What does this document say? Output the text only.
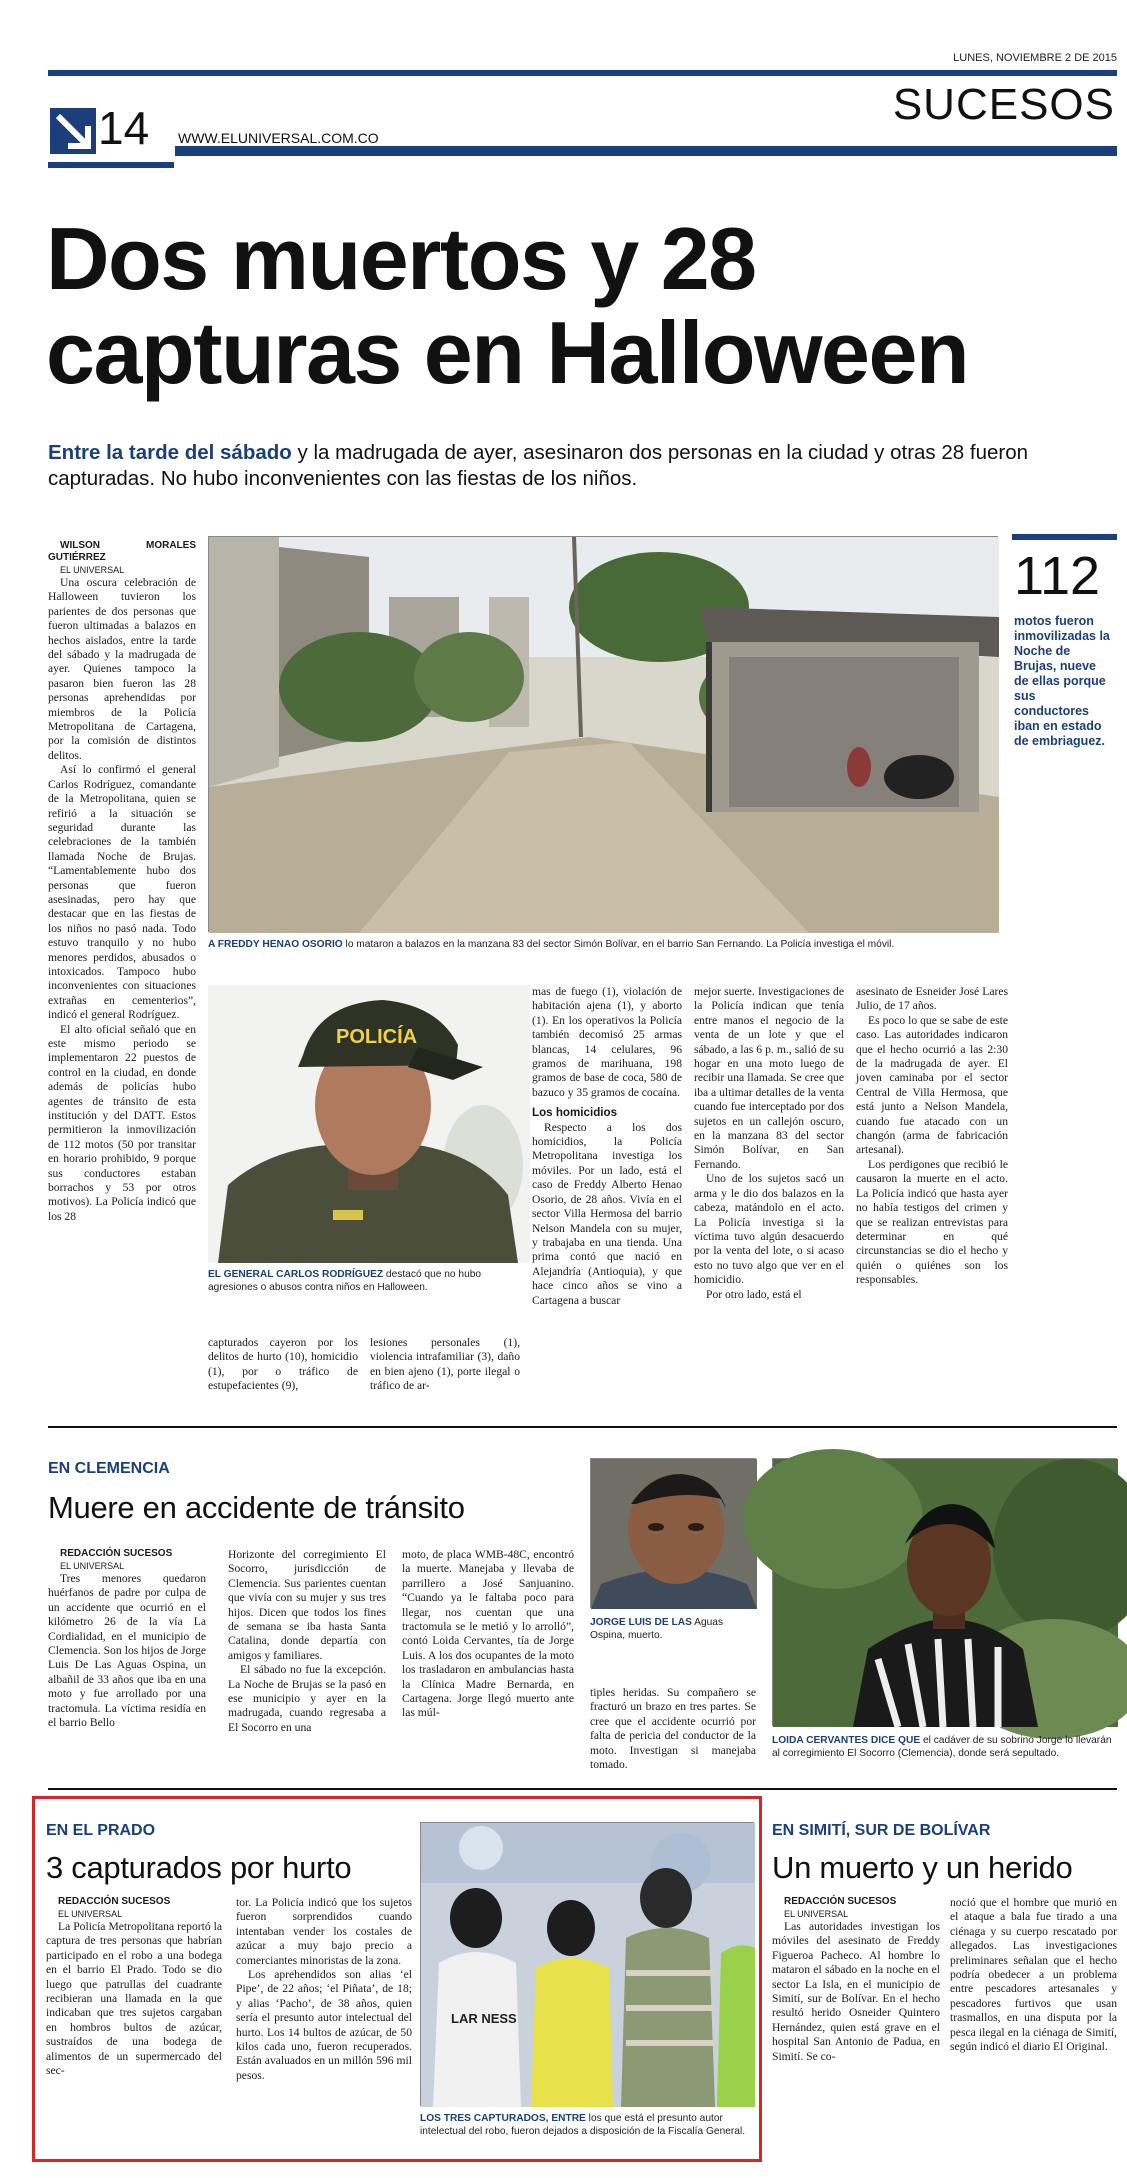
LUNES, NOVIEMBRE 2 DE 2015
14 WWW.ELUNIVERSAL.COM.CO
SUCESOS
Dos muertos y 28
capturas en Halloween
Entre la tarde del sábado y la madrugada de ayer, asesinaron dos personas en la ciudad y otras 28 fueron capturadas. No hubo inconvenientes con las fiestas de los niños.

WILSON MORALES GUTIÉRREZ

EL UNIVERSAL

Una oscura celebración de Halloween tuvieron los parientes de dos personas que fueron ultimadas a balazos en hechos aislados, entre la tarde del sábado y la madrugada de ayer. Quienes tampoco la pasaron bien fueron las 28 personas aprehendidas por miembros de la Policía Metropolitana de Cartagena, por la comisión de distintos delitos.

Así lo confirmó el general Carlos Rodríguez, comandante de la Metropolitana, quien se refirió a la situación se seguridad durante las celebraciones de la también llamada Noche de Brujas. “Lamentablemente hubo dos personas que fueron asesinadas, pero hay que destacar que en las fiestas de los niños no pasó nada. Todo estuvo tranquilo y no hubo menores perdidos, abusados o intoxicados. Tampoco hubo inconvenientes con situaciones extrañas en cementerios”, indicó el general Rodríguez.

El alto oficial señaló que en este mismo periodo se implementaron 22 puestos de control en la ciudad, en donde además de policías hubo agentes de tránsito de esta institución y del DATT. Estos permitieron la inmovilización de 112 motos (50 por transitar en horario prohibido, 9 porque sus conductores estaban borrachos y 53 por otros motivos). La Policía indicó que los 28

A FREDDY HENAO OSORIO lo mataron a balazos en la manzana 83 del sector Simón Bolívar, en el barrio San Fernando. La Policía investiga el móvil.
112
motos fueron inmovilizadas la Noche de Brujas, nueve de ellas porque sus conductores iban en estado de embriaguez.
POLICÍA
EL GENERAL CARLOS RODRÍGUEZ destacó que no hubo agresiones o abusos contra niños en Halloween.

capturados cayeron por los delitos de hurto (10), homicidio (1), por o tráfico de estupefacientes (9),

lesiones personales (1), violencia intrafamiliar (3), daño en bien ajeno (1), porte ilegal o tráfico de ar-

mas de fuego (1), violación de habitación ajena (1), y aborto (1). En los operativos la Policía también decomisó 25 armas blancas, 14 celulares, 96 gramos de marihuana, 198 gramos de base de coca, 580 de bazuco y 35 gramos de cocaína.

Los homicidios

Respecto a los dos homicidios, la Policía Metropolitana investiga los móviles. Por un lado, está el caso de Freddy Alberto Henao Osorio, de 28 años. Vivía en el sector Villa Hermosa del barrio Nelson Mandela con su mujer, y trabajaba en una tienda. Una prima contó que nació en Alejandría (Antioquia), y que hace cinco años se vino a Cartagena a buscar

mejor suerte. Investigaciones de la Policía indican que tenía entre manos el negocio de la venta de un lote y que el sábado, a las 6 p. m., salió de su hogar en una moto luego de recibir una llamada. Se cree que iba a ultimar detalles de la venta cuando fue interceptado por dos sujetos en un callejón oscuro, en la manzana 83 del sector Simón Bolívar, en San Fernando.

Uno de los sujetos sacó un arma y le dio dos balazos en la cabeza, matándolo en el acto. La Policía investiga si la víctima tuvo algún desacuerdo por la venta del lote, o si acaso esto no tuvo algo que ver en el homicidio.

Por otro lado, está el

asesinato de Esneider José Lares Julio, de 17 años.

Es poco lo que se sabe de este caso. Las autoridades indicaron que el hecho ocurrió a las 2:30 de la madrugada de ayer. El joven caminaba por el sector Central de Villa Hermosa, que está junto a Nelson Mandela, cuando fue atacado con un changón (arma de fabricación artesanal).

Los perdigones que recibió le causaron la muerte en el acto. La Policía indicó que hasta ayer no había testigos del crimen y que se realizan entrevistas para determinar en qué circunstancias se dio el hecho y quién o quiénes son los responsables.

EN CLEMENCIA
Muere en accidente de tránsito

REDACCIÓN SUCESOS

EL UNIVERSAL

Tres menores quedaron huérfanos de padre por culpa de un accidente que ocurrió en el kilómetro 26 de la vía La Cordialidad, en el municipio de Clemencia. Son los hijos de Jorge Luis De Las Aguas Ospina, un albañil de 33 años que iba en una moto y fue arrollado por una tractomula. La víctima residía en el barrio Bello

Horizonte del corregimiento El Socorro, jurisdicción de Clemencia. Sus parientes cuentan que vivía con su mujer y sus tres hijos. Dicen que todos los fines de semana se iba hasta Santa Catalina, donde departía con amigos y familiares.

El sábado no fue la excepción. La Noche de Brujas se la pasó en ese municipio y ayer en la madrugada, cuando regresaba a El Socorro en una

moto, de placa WMB-48C, encontró la muerte. Manejaba y llevaba de parrillero a José Sanjuanino. “Cuando ya le faltaba poco para llegar, nos cuentan que una tractomula se le metió y lo arrolló”, contó Loida Cervantes, tía de Jorge Luis. A los dos ocupantes de la moto los trasladaron en ambulancias hasta la Clínica Madre Bernarda, en Cartagena. Jorge llegó muerto ante las múl-

JORGE LUIS DE LAS Aguas Ospina, muerto.

tiples heridas. Su compañero se fracturó un brazo en tres partes. Se cree que el accidente ocurrió por falta de pericia del conductor de la moto. Investigan si manejaba tomado.

LOIDA CERVANTES DICE QUE el cadáver de su sobrino Jorge lo llevarán al corregimiento El Socorro (Clemencia), donde será sepultado.
EN EL PRADO
3 capturados por hurto

REDACCIÓN SUCESOS

EL UNIVERSAL

La Policía Metropolitana reportó la captura de tres personas que habrían participado en el robo a una bodega en el barrio El Prado. Todo se dio luego que patrullas del cuadrante recibieran una llamada en la que indicaban que tres sujetos cargaban en hombros bultos de azúcar, sustraídos de una bodega de alimentos de un supermercado del sec-

tor. La Policía indicó que los sujetos fueron sorprendidos cuando intentaban vender los costales de azúcar a muy bajo precio a comerciantes minoristas de la zona.

Los aprehendidos son alias ‘el Pipe’, de 22 años; ‘el Piñata’, de 18; y alias ‘Pacho’, de 38 años, quien sería el presunto autor intelectual del hurto. Los 14 bultos de azúcar, de 50 kilos cada uno, fueron recuperados. Están avaluados en un millón 596 mil pesos.

LAR NESS
LOS TRES CAPTURADOS, ENTRE los que está el presunto autor intelectual del robo, fueron dejados a disposición de la Fiscalía General.
EN SIMITÍ, SUR DE BOLÍVAR
Un muerto y un herido

REDACCIÓN SUCESOS

EL UNIVERSAL

Las autoridades investigan los móviles del asesinato de Freddy Figueroa Pacheco. Al hombre lo mataron el sábado en la noche en el sector La Isla, en el municipio de Simití, sur de Bolívar. En el hecho resultó herido Osneider Quintero Hernández, quien está grave en el hospital San Antonio de Padua, en Simití. Se co-

noció que el hombre que murió en el ataque a bala fue tirado a una ciénaga y su cuerpo rescatado por allegados. Las investigaciones preliminares señalan que el hecho podría obedecer a un problema entre pescadores artesanales y pescadores furtivos que usan trasmallos, en una disputa por la pesca ilegal en la ciénaga de Simití, según indicó el diario El Original.
